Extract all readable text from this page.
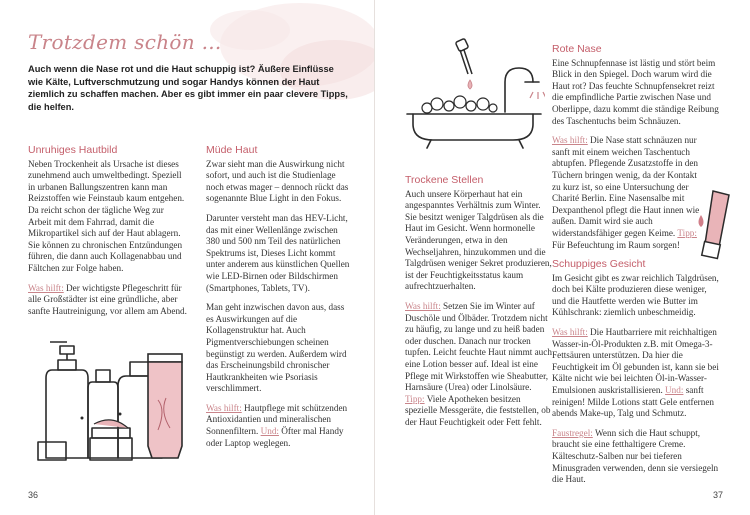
Trotzdem schön ...
Auch wenn die Nase rot und die Haut schuppig ist? Äußere Einflüsse wie Kälte, Luftverschmutzung und sogar Handys können der Haut ziemlich zu schaffen machen. Aber es gibt immer ein paar clevere Tipps, die helfen.
Unruhiges Hautbild

Neben Trockenheit als Ursache ist dieses zunehmend auch umweltbedingt. Speziell in urbanen Ballungszentren kann man Reizstoffen wie Feinstaub kaum entgehen. Da reicht schon der tägliche Weg zur Arbeit mit dem Fahrrad, damit die Mikropartikel sich auf der Haut ablagern. Sie können zu chronischen Entzündungen führen, die dann auch Kollagenabbau und Fältchen zur Folge haben.

Was hilft: Der wichtigste Pflegeschritt für alle Großstädter ist eine gründliche, aber sanfte Hautreinigung, vor allem am Abend.

Müde Haut

Zwar sieht man die Auswirkung nicht sofort, und auch ist die Studienlage noch etwas mager – dennoch rückt das sogenannte Blue Light in den Fokus.

Darunter versteht man das HEV-Licht, das mit einer Wellenlänge zwischen 380 und 500 nm Teil des natürlichen Spektrums ist, Dieses Licht kommt unter anderem aus künstlichen Quellen wie LED-Birnen oder Bildschirmen (Smartphones, Tablets, TV).

Man geht inzwischen davon aus, dass es Auswirkungen auf die Kollagenstruktur hat. Auch Pigmentverschiebungen scheinen begünstigt zu werden. Außerdem wird das Erscheinungsbild chronischer Hautkrankheiten wie Psoriasis verschlimmert.

Was hilft: Hautpflege mit schützenden Antioxidantien und mineralischen Sonnenfiltern. Und: Öfter mal Handy oder Laptop weglegen.

36
Trockene Stellen

Auch unsere Körperhaut hat ein angespanntes Verhältnis zum Winter. Sie besitzt weniger Talgdrüsen als die Haut im Gesicht. Wenn hormonelle Veränderungen, etwa in den Wechseljahren, hinzukommen und die Talgdrüsen weniger Sekret produzieren, ist der Feuchtigkeitsstatus kaum aufrechtzuerhalten.

Was hilft: Setzen Sie im Winter auf Duschöle und Ölbäder. Trotzdem nicht zu häufig, zu lange und zu heiß baden oder duschen. Danach nur trocken tupfen. Leicht feuchte Haut nimmt auch eine Lotion besser auf. Ideal ist eine Pflege mit Wirkstoffen wie Sheabutter, Harnsäure (Urea) oder Linolsäure. Tipp: Viele Apotheken besitzen spezielle Messgeräte, die feststellen, ob der Haut Feuchtigkeit oder Fett fehlt.

Rote Nase

Eine Schnupfennase ist lästig und stört beim Blick in den Spiegel. Doch warum wird die Haut rot? Das feuchte Schnupfensekret reizt die empfindliche Partie zwischen Nase und Oberlippe, dazu kommt die ständige Reibung des Taschentuchs beim Schnäuzen.

Was hilft: Die Nase statt schnäuzen nur sanft mit einem weichen Taschentuch abtupfen. Pflegende Zusatzstoffe in den Tüchern bringen wenig, da der Kontakt zu kurz ist, so eine Untersuchung der Charité Berlin. Eine Nasensalbe mit Dexpanthenol pflegt die Haut innen wie außen. Damit wird sie auch widerstandsfähiger gegen Keime. Tipp: Für Befeuchtung im Raum sorgen!

Schuppiges Gesicht

Im Gesicht gibt es zwar reichlich Talgdrüsen, doch bei Kälte produzieren diese weniger, und die Hautfette werden wie Butter im Kühlschrank: ziemlich unbeschmeidig.

Was hilft: Die Hautbarriere mit reichhaltigen Wasser-in-Öl-Produkten z.B. mit Omega-3-Fettsäuren unterstützen. Da hier die Feuchtigkeit im Öl gebunden ist, kann sie bei Kälte nicht wie bei leichten Öl-in-Wasser-Emulsionen auskristallisieren. Und: sanft reinigen! Milde Lotions statt Gele entfernen abends Make-up, Talg und Schmutz.

Faustregel: Wenn sich die Haut schuppt, braucht sie eine fetthaltigere Creme. Kälteschutz-Salben nur bei tieferen Minusgraden verwenden, denn sie versiegeln die Haut.

37
